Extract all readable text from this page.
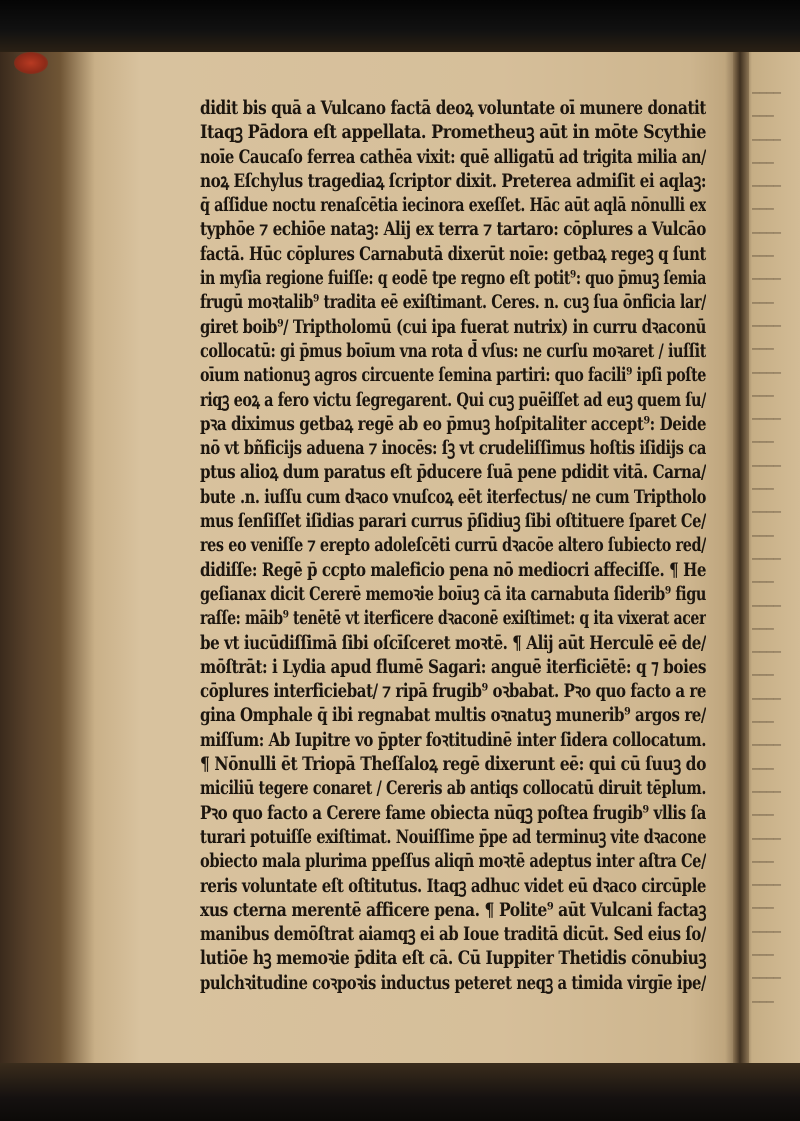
didit bis quā a Vulcano factā deoꝝ voluntate oī munere donatit
Itaqꝫ Pādora eſt appellata. Prometheuꝫ aūt in mōte Scythie
noīe Caucaſo ferrea cathēa vixit: quē alligatū ad trigita milia an/
noꝝ Eſchylus tragediaꝝ ſcriptor dixit. Preterea admiſit ei aqlaꝫ:
q̄ aſſidue noctu renaſcētia iecinora exeſſet. Hāc aūt aqlā nōnulli ex
typhōe ⁊ echiōe nataꝫ: Alij ex terra ⁊ tartaro: cōplures a Vulcāo
factā. Hūc cōplures Carnabutā dixerūt noīe: getbaꝝ regeꝫ q ſunt
in myſia regione fuiſſe: q eodē tpe regno eſt potit⁹: quo p̄muꝫ ſemia
frugū moꝛtalib⁹ tradita eē exiſtimant. Ceres. n. cuꝫ ſua ōnficia lar/
giret boib⁹/ Triptholomū (cui ipa fuerat nutrix) in curru dꝛaconū
collocatū: gi p̄mus boīum vna rota d̄ vſus: ne curſu moꝛaret / iuſſit
oīum nationuꝫ agros circuente ſemina partiri: quo facili⁹ ipſi poſte
riqꝫ eoꝝ a fero victu ſegregarent. Qui cuꝫ puēiſſet ad euꝫ quem ſu/
pꝛa diximus getbaꝝ regē ab eo p̄muꝫ hoſpitaliter accept⁹: Deide
nō vt bñficijs aduena ⁊ inocēs: ſꝫ vt crudeliſſimus hoſtis iſidijs ca
ptus alioꝝ dum paratus eſt p̄ducere ſuā pene pdidit vitā. Carna/
bute .n. iuſſu cum dꝛaco vnuſcoꝝ eēt iterfectus/ ne cum Triptholo
mus ſenſiſſet iſidias parari currus p̄ſidiuꝫ ſibi oſtituere ſparet Ce/
res eo veniſſe ⁊ erepto adoleſcēti currū dꝛacōe altero ſubiecto red/
didiſſe: Regē p̄ ccpto maleficio pena nō mediocri affeciſſe. ¶ He
geſianax dicit Cererē memoꝛie boīuꝫ cā ita carnabuta ſiderib⁹ figu
raſſe: māib⁹ tenētē vt iterficere dꝛaconē exiſtimet: q ita vixerat acer
be vt iucūdiſſimā ſibi oſcīſceret moꝛtē. ¶ Alij aūt Herculē eē de/
mōſtrāt: i Lydia apud flumē Sagari: anguē iterficiētē: q ⁊ boies
cōplures interficiebat/ ⁊ ripā frugib⁹ oꝛbabat. Pꝛo quo facto a re
gina Omphale q̄ ibi regnabat multis oꝛnatuꝫ munerib⁹ argos re/
miſſum: Ab Iupitre vo p̄pter foꝛtitudinē inter ſidera collocatum.
¶ Nōnulli ēt Triopā Theſſaloꝝ regē dixerunt eē: qui cū ſuuꝫ do
miciliū tegere conaret / Cereris ab antiqs collocatū diruit tēplum.
Pꝛo quo facto a Cerere fame obiecta nūqꝫ poſtea frugib⁹ vllis ſa
turari potuiſſe exiſtimat. Nouiſſime p̄pe ad terminuꝫ vite dꝛacone
obiecto mala plurima ppeſſus aliqn̄ moꝛtē adeptus inter aſtra Ce/
reris voluntate eſt oſtitutus. Itaqꝫ adhuc videt eū dꝛaco circūple
xus cterna merentē afficere pena. ¶ Polite⁹ aūt Vulcani factaꝫ
manibus demōſtrat aiamqꝫ ei ab Ioue traditā dicūt. Sed eius ſo/
lutiōe hꝫ memoꝛie p̄dita eſt cā. Cū Iuppiter Thetidis cōnubiuꝫ
pulchꝛitudine coꝛpoꝛis inductus peteret neqꝫ a timida virgīe ipe/
────
───
────
───
────
───
────
───
────
───
────
───
────
───
────
───
────
───
────
───
────
───
────
───
────
───
────
───
────
───
────
───
────
───
────
───
────
───
────
───
